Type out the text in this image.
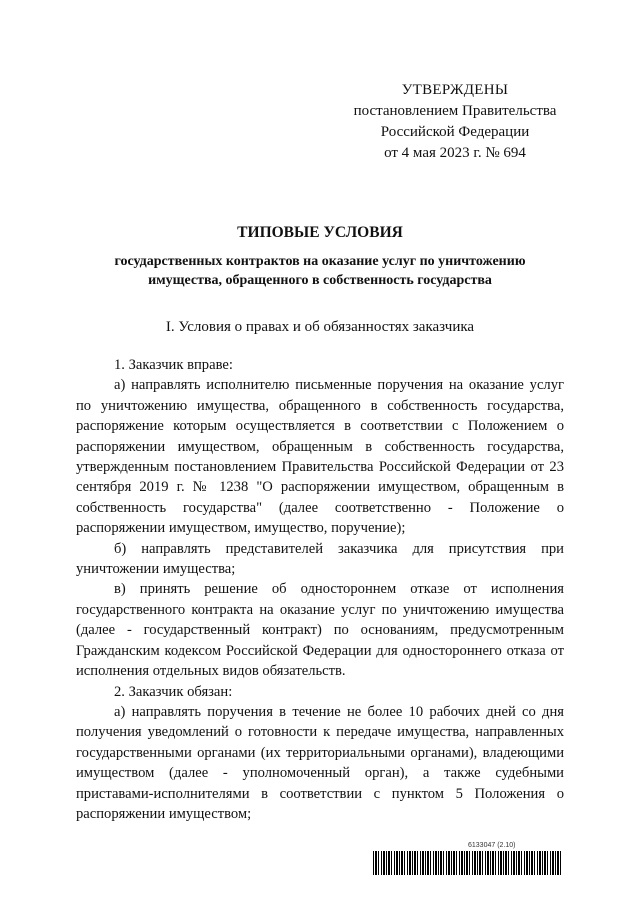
УТВЕРЖДЕНЫ
постановлением Правительства
Российской Федерации
от 4 мая 2023 г. № 694
ТИПОВЫЕ УСЛОВИЯ
государственных контрактов на оказание услуг по уничтожению
имущества, обращенного в собственность государства
I. Условия о правах и об обязанностях заказчика

1. Заказчик вправе:

а) направлять исполнителю письменные поручения на оказание услуг по уничтожению имущества, обращенного в собственность государства, распоряжение которым осуществляется в соответствии с Положением о распоряжении имуществом, обращенным в собственность государства, утвержденным постановлением Правительства Российской Федерации от 23 сентября 2019 г. № 1238 "О распоряжении имуществом, обращенным в собственность государства" (далее соответственно - Положение о распоряжении имуществом, имущество, поручение);

б) направлять представителей заказчика для присутствия при уничтожении имущества;

в) принять решение об одностороннем отказе от исполнения государственного контракта на оказание услуг по уничтожению имущества (далее - государственный контракт) по основаниям, предусмотренным Гражданским кодексом Российской Федерации для одностороннего отказа от исполнения отдельных видов обязательств.

2. Заказчик обязан:

а) направлять поручения в течение не более 10 рабочих дней со дня получения уведомлений о готовности к передаче имущества, направленных государственными органами (их территориальными органами), владеющими имуществом (далее - уполномоченный орган), а также судебными приставами-исполнителями в соответствии с пунктом 5 Положения о распоряжении имуществом;

6133047 (2.10)
